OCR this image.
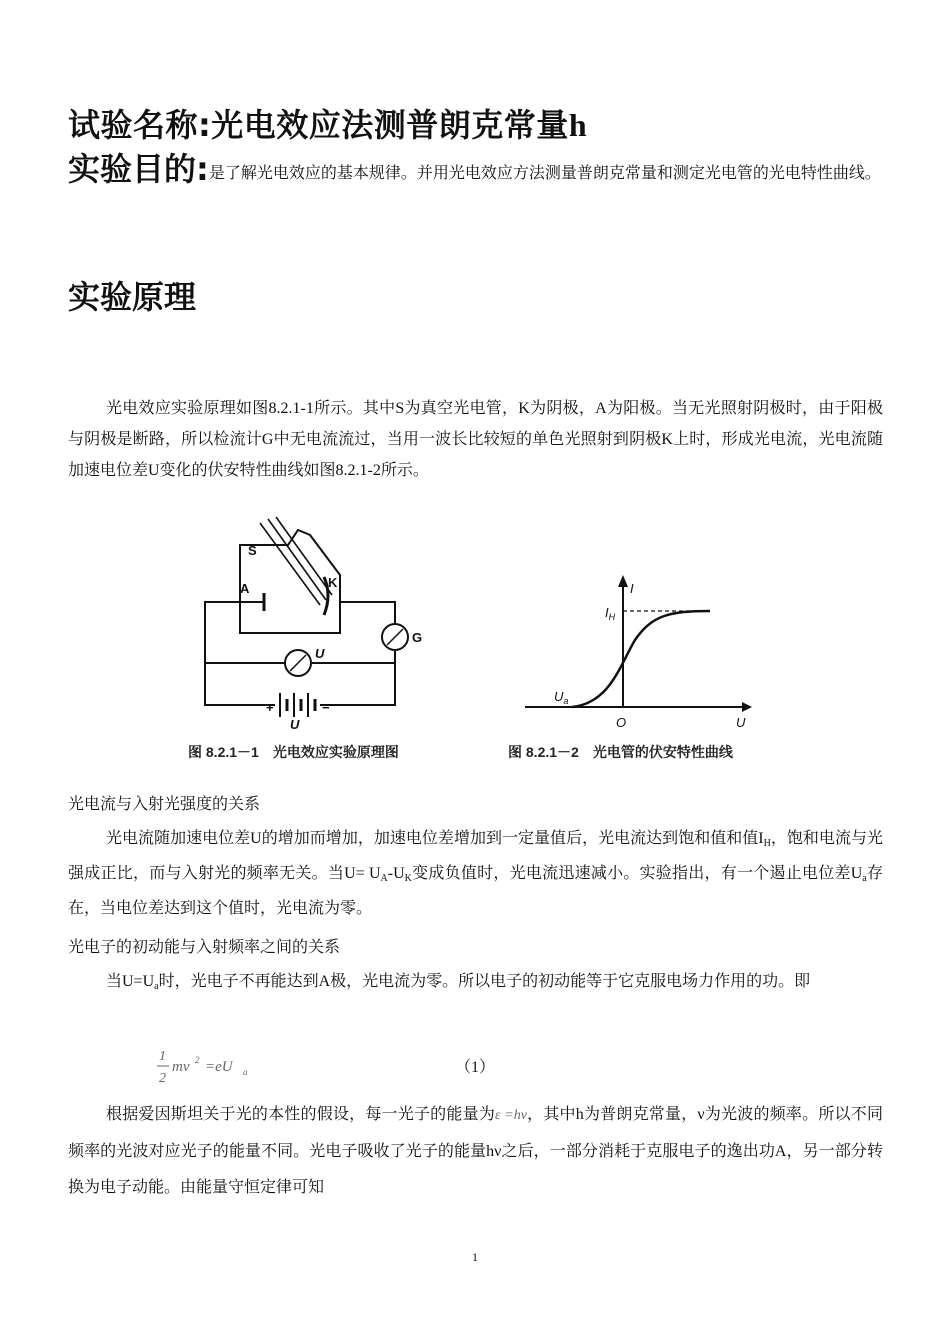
试验名称:光电效应法测普朗克常量h
实验目的:是了解光电效应的基本规律。并用光电效应方法测量普朗克常量和测定光电管的光电特性曲线。
实验原理
光电效应实验原理如图8.2.1-1所示。其中S为真空光电管，K为阴极，A为阳极。当无光照射阴极时，由于阳极与阴极是断路，所以检流计G中无电流流过，当用一波长比较短的单色光照射到阴极K上时，形成光电流，光电流随加速电位差U变化的伏安特性曲线如图8.2.1-2所示。
S
A	K
G
U
+	−
U
图 8.2.1－1　光电效应实验原理图
I
$I_H$
$U_a$
O	U
图 8.2.1－2　光电管的伏安特性曲线
光电流与入射光强度的关系
光电流随加速电位差U的增加而增加，加速电位差增加到一定量值后，光电流达到饱和值和值$I_H$，饱和电流与光强成正比，而与入射光的频率无关。当$U= U_A-U_K$变成负值时，光电流迅速减小。实验指出，有一个遏止电位差$U_a$存在，当电位差达到这个值时，光电流为零。
光电子的初动能与入射频率之间的关系
当$U=U_a$时，光电子不再能达到A极，光电流为零。所以电子的初动能等于它克服电场力作用的功。即
1
2
mv 2 =eU a	（1）
根据爱因斯坦关于光的本性的假设，每一光子的能量为ε =hν，其中h为普朗克常量，ν为光波的频率。所以不同频率的光波对应光子的能量不同。光电子吸收了光子的能量hν之后，一部分消耗于克服电子的逸出功A，另一部分转换为电子动能。由能量守恒定律可知
1
